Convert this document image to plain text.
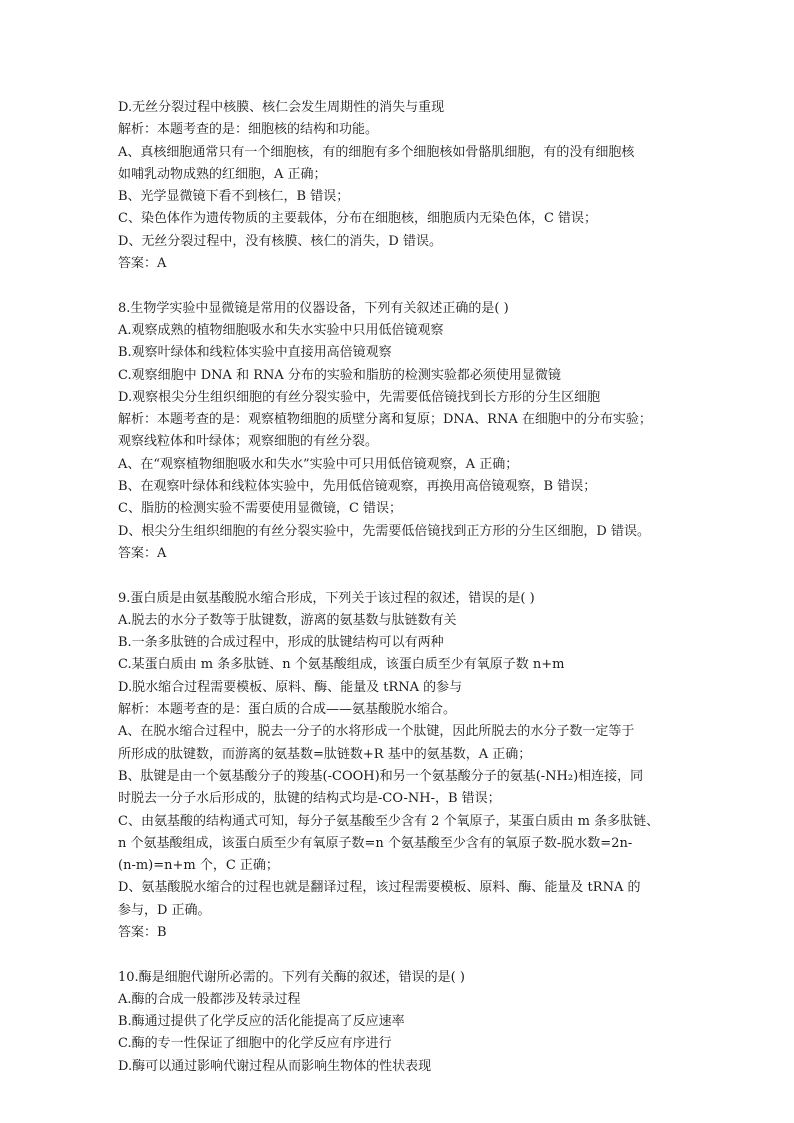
D.无丝分裂过程中核膜、核仁会发生周期性的消失与重现
解析：本题考查的是：细胞核的结构和功能。
A、真核细胞通常只有一个细胞核，有的细胞有多个细胞核如骨骼肌细胞，有的没有细胞核
如哺乳动物成熟的红细胞，A 正确；
B、光学显微镜下看不到核仁，B 错误；
C、染色体作为遗传物质的主要载体，分布在细胞核，细胞质内无染色体，C 错误；
D、无丝分裂过程中，没有核膜、核仁的消失，D 错误。
答案：A
8.生物学实验中显微镜是常用的仪器设备，下列有关叙述正确的是( )
A.观察成熟的植物细胞吸水和失水实验中只用低倍镜观察
B.观察叶绿体和线粒体实验中直接用高倍镜观察
C.观察细胞中 DNA 和 RNA 分布的实验和脂肪的检测实验都必须使用显微镜
D.观察根尖分生组织细胞的有丝分裂实验中，先需要低倍镜找到长方形的分生区细胞
解析：本题考查的是：观察植物细胞的质壁分离和复原；DNA、RNA 在细胞中的分布实验；
观察线粒体和叶绿体；观察细胞的有丝分裂。
A、在“观察植物细胞吸水和失水”实验中可只用低倍镜观察，A 正确；
B、在观察叶绿体和线粒体实验中，先用低倍镜观察，再换用高倍镜观察，B 错误；
C、脂肪的检测实验不需要使用显微镜，C 错误；
D、根尖分生组织细胞的有丝分裂实验中，先需要低倍镜找到正方形的分生区细胞，D 错误。
答案：A
9.蛋白质是由氨基酸脱水缩合形成，下列关于该过程的叙述，错误的是( )
A.脱去的水分子数等于肽键数，游离的氨基数与肽链数有关
B.一条多肽链的合成过程中，形成的肽键结构可以有两种
C.某蛋白质由 m 条多肽链、n 个氨基酸组成，该蛋白质至少有氧原子数 n+m
D.脱水缩合过程需要模板、原料、酶、能量及 tRNA 的参与
解析：本题考查的是：蛋白质的合成——氨基酸脱水缩合。
A、在脱水缩合过程中，脱去一分子的水将形成一个肽键，因此所脱去的水分子数一定等于
所形成的肽键数，而游离的氨基数=肽链数+R 基中的氨基数，A 正确；
B、肽键是由一个氨基酸分子的羧基(-COOH)和另一个氨基酸分子的氨基(-NH₂)相连接，同
时脱去一分子水后形成的，肽键的结构式均是-CO-NH-，B 错误；
C、由氨基酸的结构通式可知，每分子氨基酸至少含有 2 个氧原子，某蛋白质由 m 条多肽链、
n 个氨基酸组成，该蛋白质至少有氧原子数=n 个氨基酸至少含有的氧原子数-脱水数=2n-
(n-m)=n+m 个，C 正确；
D、氨基酸脱水缩合的过程也就是翻译过程，该过程需要模板、原料、酶、能量及 tRNA 的
参与，D 正确。
答案：B
10.酶是细胞代谢所必需的。下列有关酶的叙述，错误的是( )
A.酶的合成一般都涉及转录过程
B.酶通过提供了化学反应的活化能提高了反应速率
C.酶的专一性保证了细胞中的化学反应有序进行
D.酶可以通过影响代谢过程从而影响生物体的性状表现
